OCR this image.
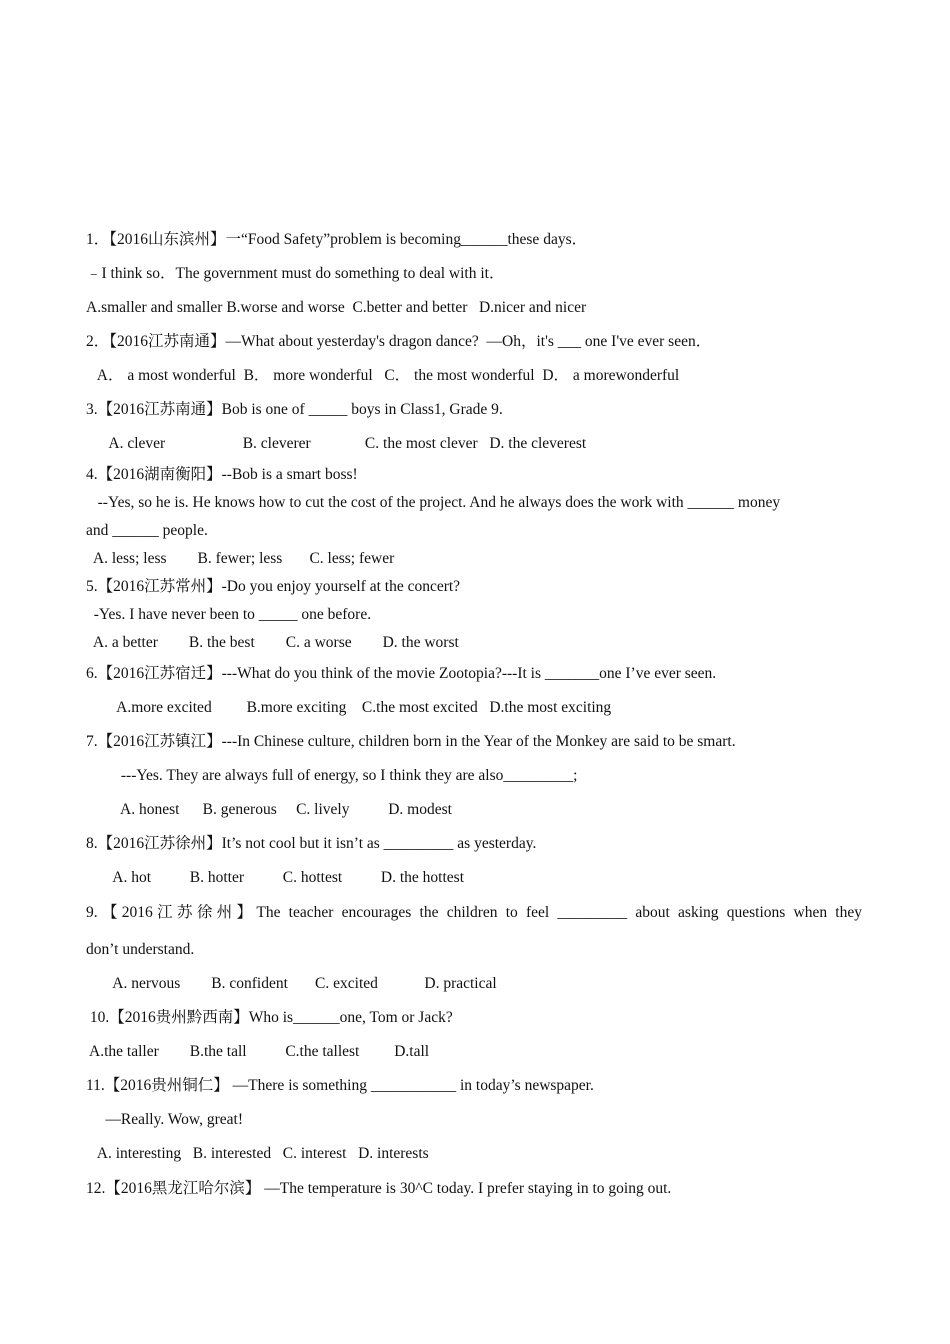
1．【2016山东滨州】一“Food Safety”problem is becoming______these days．
﹣I think so．The government must do something to deal with it．
A.smaller and smaller B.worse and worse  C.better and better   D.nicer and nicer
2．【2016江苏南通】—What about yesterday's dragon dance?  —Oh，it's ___ one I've ever seen．
A． a most wonderful  B． more wonderful   C． the most wonderful  D． a morewonderful
3.【2016江苏南通】Bob is one of _____ boys in Class1, Grade 9.
A. clever                    B. cleverer              C. the most clever   D. the cleverest
4.【2016湖南衡阳】--Bob is a smart boss!
--Yes, so he is. He knows how to cut the cost of the project. And he always does the work with ______ money
and ______ people.
A. less; less        B. fewer; less       C. less; fewer
5.【2016江苏常州】-Do you enjoy yourself at the concert?
-Yes. I have never been to _____ one before.
A. a better        B. the best        C. a worse        D. the worst
6.【2016江苏宿迁】---What do you think of the movie Zootopia?---It is _______one I’ve ever seen.
A.more excited         B.more exciting    C.the most excited   D.the most exciting
7.【2016江苏镇江】---In Chinese culture, children born in the Year of the Monkey are said to be smart.
---Yes. They are always full of energy, so I think they are also_________;
A. honest      B. generous     C. lively          D. modest
8.【2016江苏徐州】It’s not cool but it isn’t as _________ as yesterday.
A. hot          B. hotter          C. hottest          D. the hottest
9.【2016江苏徐州】The teacher encourages the children to feel _________ about asking questions when they
don’t understand.
A. nervous        B. confident       C. excited            D. practical
10.【2016贵州黔西南】Who is______one, Tom or Jack?
A.the taller        B.the tall          C.the tallest         D.tall
11.【2016贵州铜仁】 —There is something ___________ in today’s newspaper.
—Really. Wow, great!
A. interesting   B. interested   C. interest   D. interests
12.【2016黑龙江哈尔滨】 —The temperature is 30^C today. I prefer staying in to going out.
